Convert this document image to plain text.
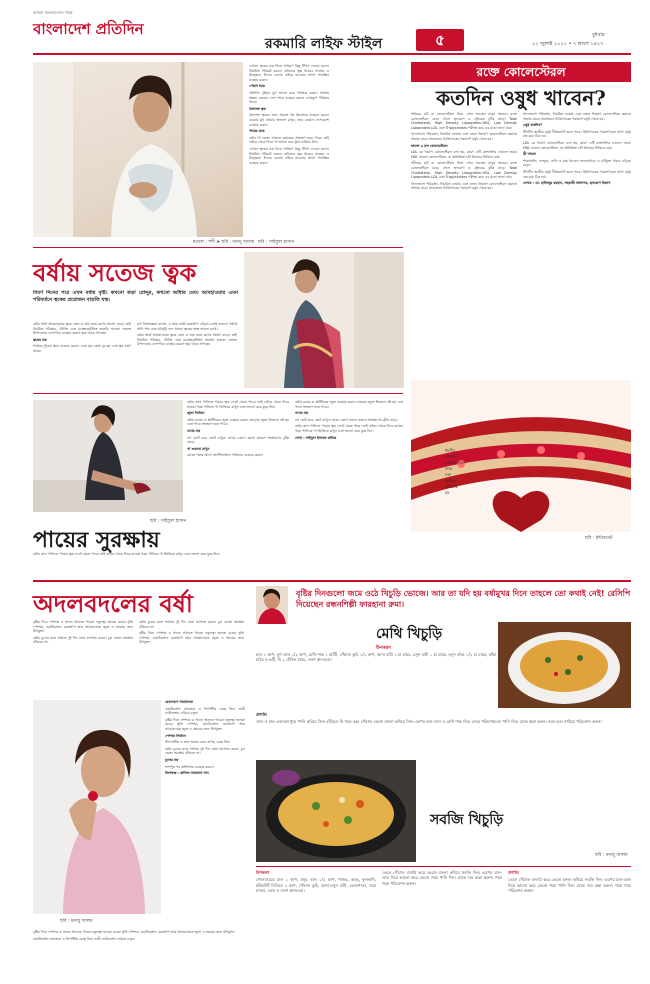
বাংলাদেশ প্রতিদিন
আমরা বাংলাদেশের পক্ষে
রকমারি লাইফ স্টাইল	৫	বুধবার
২২ জুলাই ২০২০ • ৭ শ্রাবণ ১৪২৭
মডেল : শশী ➤ ছবি : মনজু আলম

এখানে ত্বকের যত্ন নিয়ে সাধারণ কিছু টিপস দেওয়া হলো। নিয়মিত পরিচর্যা করলে বর্ষাতেও ত্বক থাকবে সতেজ ও উজ্জ্বল। দিনের বেলায় বাইরে যাওয়ার আগে সানস্ক্রিন ব্যবহার করুন।

পোরস যত্নে

প্রতিদিন দুইবার মুখ ভালো করে পরিষ্কার করুন। সপ্তাহে অন্তত একবার ফেস প্যাক ব্যবহার করলে লোমকূপ পরিষ্কার থাকে।

তৈলাক্ত ত্বক

তৈলাক্ত ত্বকের জন্য অয়েল ফ্রি ক্লিনজার ব্যবহার করুন। বারবার মুখ ধোয়ার অভ্যাস রাখুন, তবে কোমল ফেসওয়াশ ব্যবহার করুন।

পায়ের যত্নে

বর্ষায় পা ভেজা থাকলে ছত্রাকের সংক্রমণ হতে পারে। তাই বাইরে থেকে ফিরে পা ভালো করে ধুয়ে শুকিয়ে নিন।

এখানে ত্বকের যত্ন নিয়ে সাধারণ কিছু টিপস দেওয়া হলো। নিয়মিত পরিচর্যা করলে বর্ষাতেও ত্বক থাকবে সতেজ ও উজ্জ্বল। দিনের বেলায় বাইরে যাওয়ার আগে সানস্ক্রিন ব্যবহার করুন।

ছবি : সাইফুল হাসান
বর্ষায় সতেজ ত্বক
বিবর্ণ দিনের পরে এখন বর্ষার বৃষ্টি। কখনো কড়া রোদ্দুর, কখনো আঁধার মেঘ। আবহাওয়ার এমন পরিবর্তনে ত্বকের প্রয়োজন বাড়তি যত্ন।

বর্ষার আর্দ্র আবহাওয়ায় ত্বকে তেল ও ঘাম জমে ব্রণের সমস্যা বাড়ে। তাই নিয়মিত পরিষ্কার, টোনিং এবং ময়েশ্চারাইজিং জরুরি। হালকা ভেষজ উপাদানের ফেসপ্যাক ব্যবহার করলে ত্বক থাকে প্রাণবন্ত।

ত্বকের যত্ন

সপ্তাহে দুইবার স্ক্রাব ব্যবহার করুন। এতে মৃত কোষ দূর হয় এবং ত্বক মসৃণ থাকে।

রূপ বিশেষজ্ঞরা বলেন, এ সময় ভারী মেকআপ এড়িয়ে চলাই ভালো। পর্যাপ্ত পানি পান এবং মৌসুমি ফল খাওয়া ত্বকের স্বাস্থ্য ভালো রাখে।

বর্ষার আর্দ্র আবহাওয়ায় ত্বকে তেল ও ঘাম জমে ব্রণের সমস্যা বাড়ে। তাই নিয়মিত পরিষ্কার, টোনিং এবং ময়েশ্চারাইজিং জরুরি। হালকা ভেষজ উপাদানের ফেসপ্যাক ব্যবহার করলে ত্বক থাকে প্রাণবন্ত।

ছবি : সাইফুল হাসান

বর্ষায় কাদা পানিতে পায়ের ত্বক ফেটে যেতে পারে। তাই বাইরে থেকে ফিরে হালকা গরম পানিতে পা ভিজিয়ে রাখুন এবং ভালো করে মুছে নিন।

জুতা নির্বাচন

বর্ষায় রাবার বা প্লাস্টিকের জুতা ব্যবহার করুন। চামড়ার জুতা ভিজলে নষ্ট হয় এবং পায়ে সংক্রমণ হতে পারে।

নখের যত্ন

নখ ছোট করে কেটে রাখুন। নখের কোণে ময়লা জমলে সংক্রমণের ঝুঁকি বাড়ে।

পা শুকনো রাখুন

মোজা পরার আগে অ্যান্টিফাঙ্গাল পাউডার ব্যবহার করুন।

বর্ষায় রাবার বা প্লাস্টিকের জুতা ব্যবহার করুন। চামড়ার জুতা ভিজলে নষ্ট হয় এবং পায়ে সংক্রমণ হতে পারে।

নখের যত্ন

নখ ছোট করে কেটে রাখুন। নখের কোণে ময়লা জমলে সংক্রমণের ঝুঁকি বাড়ে।

বর্ষায় কাদা পানিতে পায়ের ত্বক ফেটে যেতে পারে। তাই বাইরে থেকে ফিরে হালকা গরম পানিতে পা ভিজিয়ে রাখুন এবং ভালো করে মুছে নিন।

লেখা : সাইফুল ইসলাম রাজিব

পায়ের সুরক্ষায়

বর্ষায় কাদা পানিতে পায়ের ত্বক ফেটে যেতে পারে। তাই বাইরে থেকে ফিরে হালকা গরম পানিতে পা ভিজিয়ে রাখুন এবং ভালো করে মুছে নিন।

রক্তে কোলেস্টেরল
কতদিন ওষুধ খাবেন?

শরীরের চর্বি বা কোলেস্টেরল নিয়ে এখন সচেতন মানুষ অনেক। রক্তে কোলেস্টেরল বেড়ে গেলে হৃদরোগ ও স্ট্রোকের ঝুঁকি বাড়ে। Total Cholesterol, High Density Lipoprotein-HDL, Low Density Lipoprotein-LDL এবং Triglycerides পরীক্ষা করে এর মাত্রা জানা যায়।

খাদ্যাভ্যাস পরিবর্তন, নিয়মিত ব্যায়াম এবং ওজন নিয়ন্ত্রণ কোলেস্টেরল কমাতে সাহায্য করে। প্রয়োজনে চিকিৎসকের পরামর্শে ওষুধ খেতে হয়।

ভালো ও মন্দ কোলেস্টেরল

LDL কে খারাপ কোলেস্টেরল বলা হয়, কারণ এটি রক্তনালির দেয়ালে জমে। HDL ভালো কোলেস্টেরল, যা অতিরিক্ত চর্বি লিভারে ফিরিয়ে নেয়।

শরীরের চর্বি বা কোলেস্টেরল নিয়ে এখন সচেতন মানুষ অনেক। রক্তে কোলেস্টেরল বেড়ে গেলে হৃদরোগ ও স্ট্রোকের ঝুঁকি বাড়ে। Total Cholesterol, High Density Lipoprotein-HDL, Low Density Lipoprotein-LDL এবং Triglycerides পরীক্ষা করে এর মাত্রা জানা যায়।

খাদ্যাভ্যাস পরিবর্তন, নিয়মিত ব্যায়াম এবং ওজন নিয়ন্ত্রণ কোলেস্টেরল কমাতে সাহায্য করে। প্রয়োজনে চিকিৎসকের পরামর্শে ওষুধ খেতে হয়।

খাদ্যাভ্যাস পরিবর্তন, নিয়মিত ব্যায়াম এবং ওজন নিয়ন্ত্রণ কোলেস্টেরল কমাতে সাহায্য করে। প্রয়োজনে চিকিৎসকের পরামর্শে ওষুধ খেতে হয়।

ওষুধ কতদিন?

স্ট্যাটিন জাতীয় ওষুধ দীর্ঘমেয়াদি হতে পারে। চিকিৎসকের পরামর্শ ছাড়া হঠাৎ ওষুধ বন্ধ করা ঠিক নয়।

LDL কে খারাপ কোলেস্টেরল বলা হয়, কারণ এটি রক্তনালির দেয়ালে জমে। HDL ভালো কোলেস্টেরল, যা অতিরিক্ত চর্বি লিভারে ফিরিয়ে নেয়।

কী খাবেন

শাকসবজি, ফলমূল, ওটস ও মাছ খাবেন। ভাজাপোড়া ও চর্বিযুক্ত খাবার এড়িয়ে চলুন।

স্ট্যাটিন জাতীয় ওষুধ দীর্ঘমেয়াদি হতে পারে। চিকিৎসকের পরামর্শ ছাড়া হঠাৎ ওষুধ বন্ধ করা ঠিক নয়।

লেখক : ডা. হাফিজুর রহমান, সহকারী অধ্যাপক, হৃদরোগ বিভাগ

ধমনীর
দেয়ালে
কোলেস্টেরল
জমে
রক্ত
চলাচল
বাধাগ্রস্ত
হয়
ছবি : ইন্টারনেট
অদলবদলের বর্ষা

বৃষ্টির দিনে পোশাক ও সাজে আনতে পারেন নতুনত্ব। হালকা রঙের সুতি পোশাক, ওয়াটারপ্রুফ মেকআপ আর আরামদায়ক জুতা এ সময়ের জন্য উপযুক্ত।

বর্ষায় চুলের যত্নে সপ্তাহে দুই দিন তেল ম্যাসাজ করুন। চুল ভেজা অবস্থায় বাঁধবেন না।

বর্ষায় চুলের যত্নে সপ্তাহে দুই দিন তেল ম্যাসাজ করুন। চুল ভেজা অবস্থায় বাঁধবেন না।

বৃষ্টির দিনে পোশাক ও সাজে আনতে পারেন নতুনত্ব। হালকা রঙের সুতি পোশাক, ওয়াটারপ্রুফ মেকআপ আর আরামদায়ক জুতা এ সময়ের জন্য উপযুক্ত।

ছবি : মনজু আলম

মেকআপে সাবধানতা

ওয়াটারপ্রুফ মাসকারা ও লিপস্টিক বেছে নিন। ভারী ফাউন্ডেশন এড়িয়ে চলুন।

বৃষ্টির দিনে পোশাক ও সাজে আনতে পারেন নতুনত্ব। হালকা রঙের সুতি পোশাক, ওয়াটারপ্রুফ মেকআপ আর আরামদায়ক জুতা এ সময়ের জন্য উপযুক্ত।

পোশাক নির্বাচন

সিনথেটিক ও দ্রুত শুকায় এমন কাপড় বেছে নিন।

বর্ষায় চুলের যত্নে সপ্তাহে দুই দিন তেল ম্যাসাজ করুন। চুল ভেজা অবস্থায় বাঁধবেন না।

চুলের যত্ন

শ্যাম্পুর পর কন্ডিশনার ব্যবহার করুন।

বিশেষজ্ঞ : কানিজ আলমাস খান

বৃষ্টির দিনে পোশাক ও সাজে আনতে পারেন নতুনত্ব। হালকা রঙের সুতি পোশাক, ওয়াটারপ্রুফ মেকআপ আর আরামদায়ক জুতা এ সময়ের জন্য উপযুক্ত।

ওয়াটারপ্রুফ মাসকারা ও লিপস্টিক বেছে নিন। ভারী ফাউন্ডেশন এড়িয়ে চলুন।

বৃষ্টির দিনগুলো জমে ওঠে খিচুড়ি ভোজে। আর তা যদি হয় বর্ষামুখর দিনে তাহলে তো কথাই নেই! রেসিপি দিয়েছেন রন্ধনশিল্পী ফারহানা রুমা।
মেথি খিচুড়ি
উপকরণ
চাল ১ কাপ, মুগ ডাল ১/২ কাপ, মেথি শাক ১ আঁটি, পেঁয়াজ কুচি ১/২ কাপ, আদা বাটা ১ চা চামচ, রসুন বাটা ১ চা চামচ, হলুদ গুঁড়া ১/২ চা চামচ, কাঁচা মরিচ ৫-৬টি, ঘি ২ টেবিল চামচ, লবণ স্বাদমতো।

প্রণালি

ডাল ও চাল একসঙ্গে ধুয়ে পানি ঝরিয়ে নিন। হাঁড়িতে ঘি গরম করে পেঁয়াজ ভেজে মসলা কষিয়ে নিন। এরপর চাল-ডাল ও মেথি শাক দিয়ে নেড়ে পরিমাণমতো পানি দিয়ে ঢেকে রান্না করুন। নরম হলে নামিয়ে পরিবেশন করুন।

সবজি খিচুড়ি
ছবি : মনজু আলম

উপকরণ

পোলাওয়ের চাল ১ কাপ, মসুর ডাল ১/২ কাপ, গাজর, আলু, ফুলকপি, মটরশুঁটি মিলিয়ে ২ কাপ, পেঁয়াজ কুচি, আদা-রসুন বাটা, তেজপাতা, গরম মসলা, তেল ও লবণ স্বাদমতো।

তেলে পেঁয়াজ বাদামি করে ভেজে মসলা কষিয়ে সবজি দিন। এরপর চাল-ডাল দিয়ে ভালো করে ভেজে গরম পানি দিন। ঢেকে দমে রান্না করুন। গরম গরম পরিবেশন করুন।

প্রণালি

তেলে পেঁয়াজ বাদামি করে ভেজে মসলা কষিয়ে সবজি দিন। এরপর চাল-ডাল দিয়ে ভালো করে ভেজে গরম পানি দিন। ঢেকে দমে রান্না করুন। গরম গরম পরিবেশন করুন।
